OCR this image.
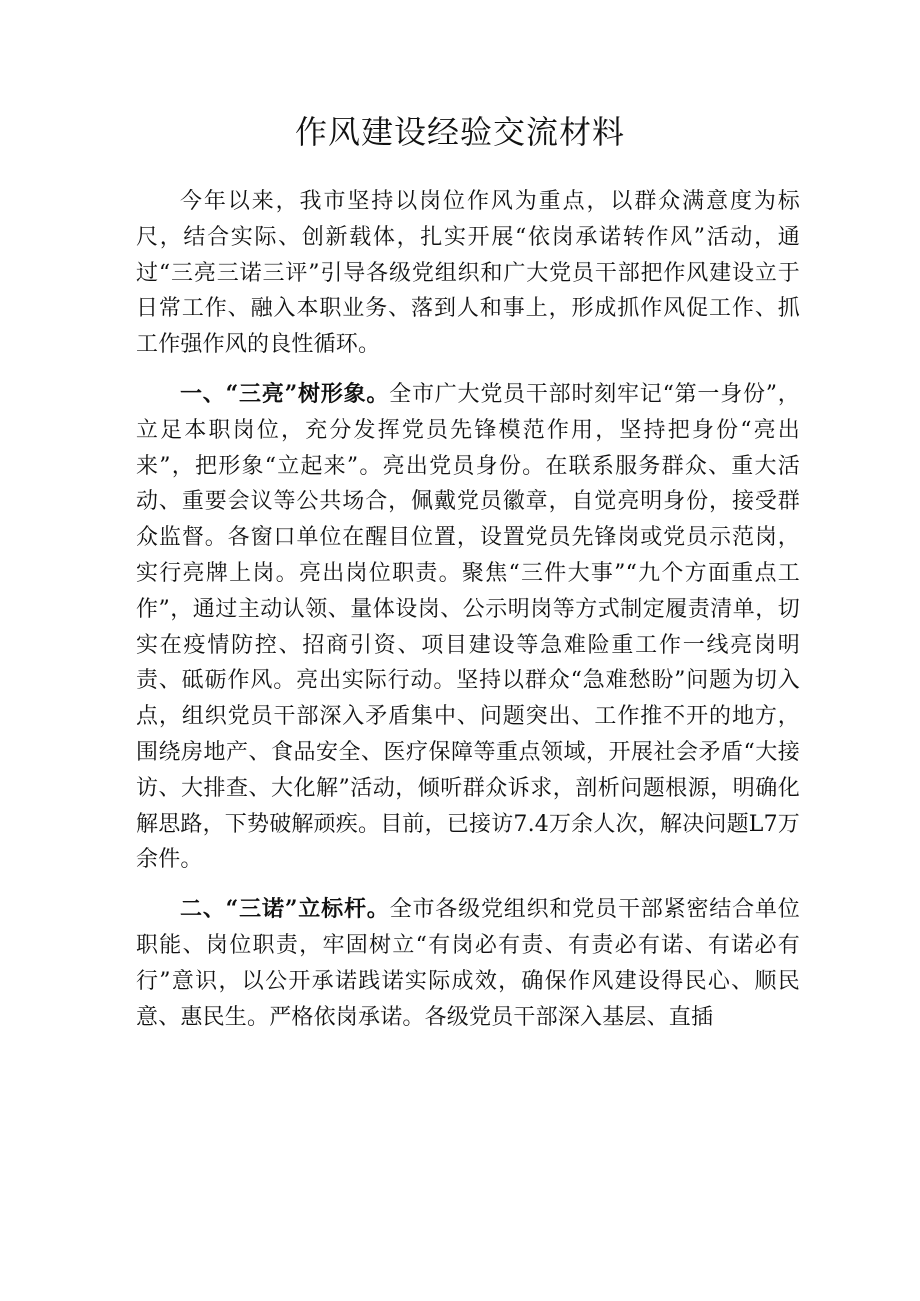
作风建设经验交流材料

今年以来，我市坚持以岗位作风为重点，以群众满意度为标尺，结合实际、创新载体，扎实开展“依岗承诺转作风”活动，通过“三亮三诺三评”引导各级党组织和广大党员干部把作风建设立于日常工作、融入本职业务、落到人和事上，形成抓作风促工作、抓工作强作风的良性循环。

一、“三亮”树形象。全市广大党员干部时刻牢记“第一身份”，立足本职岗位，充分发挥党员先锋模范作用，坚持把身份“亮出来”，把形象“立起来”。亮出党员身份。在联系服务群众、重大活动、重要会议等公共场合，佩戴党员徽章，自觉亮明身份，接受群众监督。各窗口单位在醒目位置，设置党员先锋岗或党员示范岗，实行亮牌上岗。亮出岗位职责。聚焦“三件大事”“九个方面重点工作”，通过主动认领、量体设岗、公示明岗等方式制定履责清单，切实在疫情防控、招商引资、项目建设等急难险重工作一线亮岗明责、砥砺作风。亮出实际行动。坚持以群众“急难愁盼”问题为切入点，组织党员干部深入矛盾集中、问题突出、工作推不开的地方，围绕房地产、食品安全、医疗保障等重点领域，开展社会矛盾“大接访、大排查、大化解”活动，倾听群众诉求，剖析问题根源，明确化解思路，下势破解顽疾。目前，已接访7.4万余人次，解决问题L7万余件。

二、“三诺”立标杆。全市各级党组织和党员干部紧密结合单位职能、岗位职责，牢固树立“有岗必有责、有责必有诺、有诺必有行”意识，以公开承诺践诺实际成效，确保作风建设得民心、顺民意、惠民生。严格依岗承诺。各级党员干部深入基层、直插
